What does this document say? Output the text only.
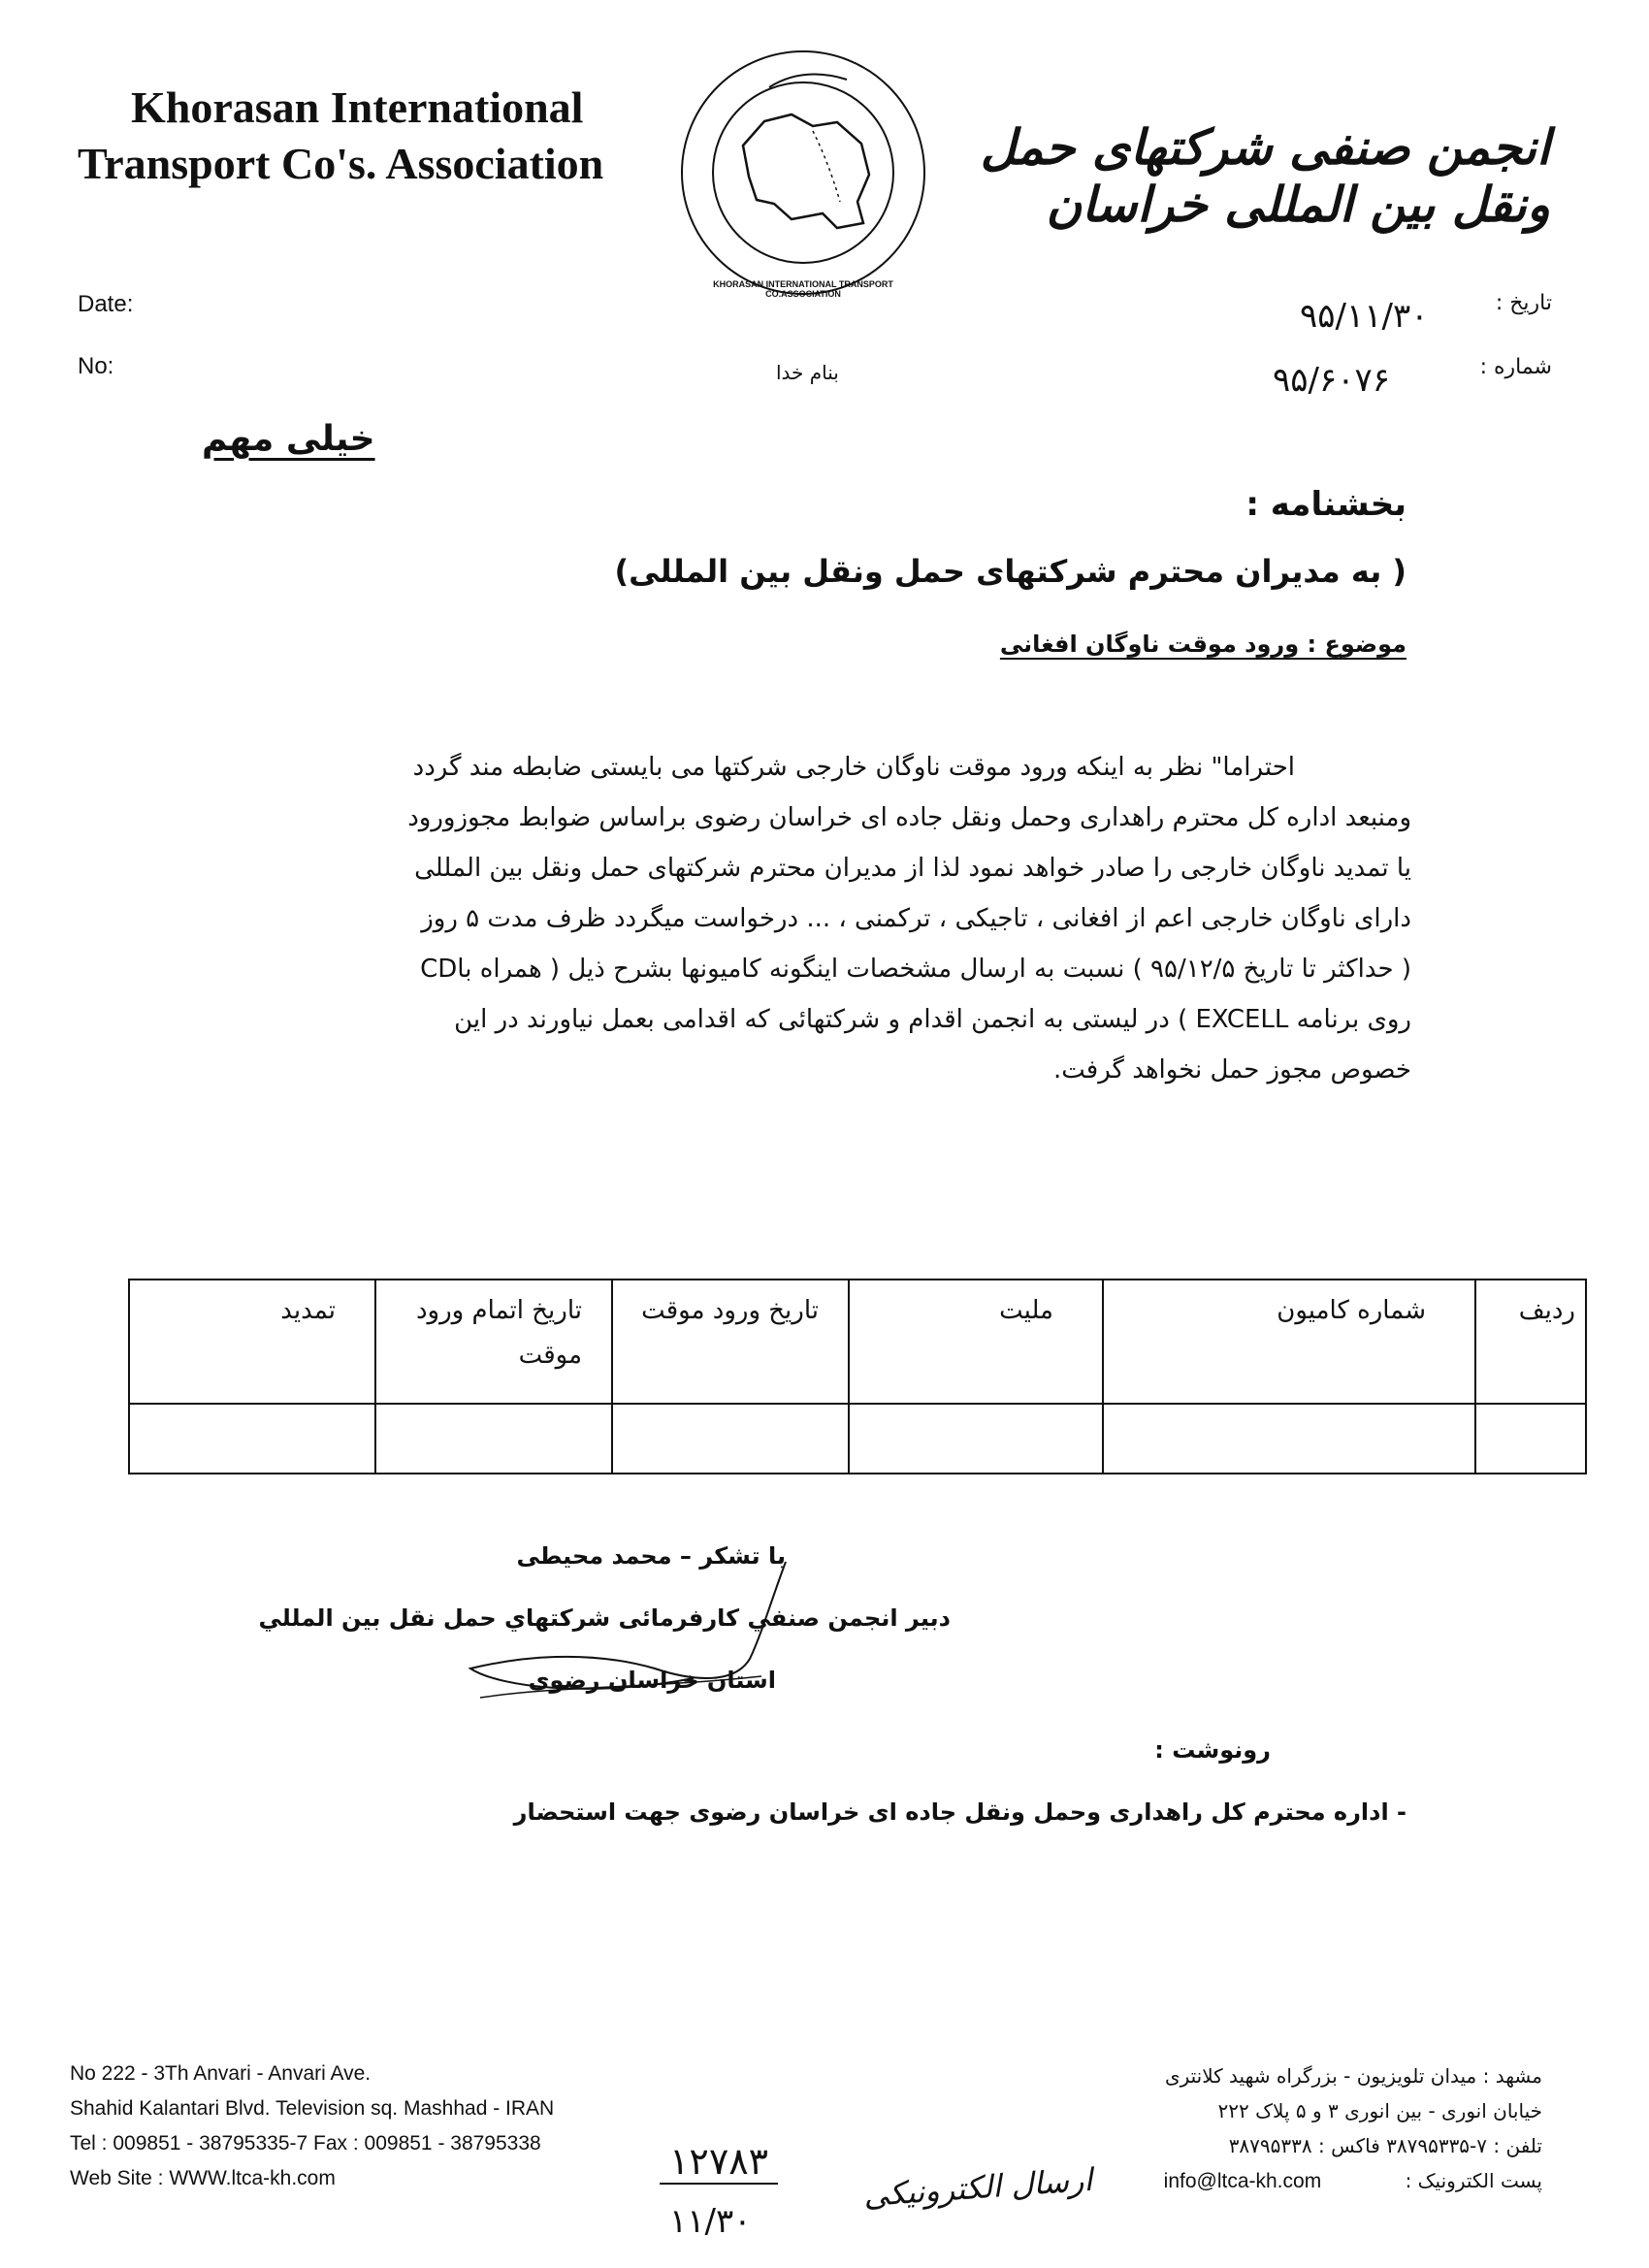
Khorasan International
Transport Co's. Association
KHORASAN INTERNATIONAL TRANSPORT CO.ASSOCIATION
انجمن صنفی شرکتهای حمل ونقل بین المللی خراسان
Date:
No:
تاریخ :
۹۵/۱۱/۳۰
شماره :
۹۵/۶۰۷۶
بنام خدا
خیلی مهم
بخشنامه :
( به مدیران محترم شرکتهای حمل ونقل بین المللی)
موضوع : ورود موقت ناوگان افغانی
احتراما" نظر به اینکه ورود موقت ناوگان خارجی شرکتها می بایستی ضابطه مند گردد
ومنبعد اداره کل محترم راهداری وحمل ونقل جاده ای خراسان رضوی براساس ضوابط مجوزورود
یا تمدید ناوگان خارجی را صادر خواهد نمود لذا از مدیران محترم شرکتهای حمل ونقل بین المللی
دارای ناوگان خارجی اعم از افغانی ، تاجیکی ، ترکمنی ، ... درخواست میگردد ظرف مدت ۵ روز
( حداکثر تا تاریخ ۹۵/۱۲/۵ ) نسبت به ارسال مشخصات اینگونه کامیونها بشرح ذیل ( همراه باCD
روی برنامه EXCELL ) در لیستی به انجمن اقدام و شرکتهائی که اقدامی بعمل نیاورند در این
خصوص مجوز حمل نخواهد گرفت.
ردیف	شماره کامیون	ملیت	تاریخ ورود موقت	تاریخ اتمام ورود موقت	تمدید

با تشکر – محمد محیطی
دبیر انجمن صنفي کارفرمائی شرکتهاي حمل نقل بین المللي
استان خراسان رضوی
رونوشت :
- اداره محترم کل راهداری وحمل ونقل جاده ای خراسان رضوی جهت استحضار
No 222 - 3Th Anvari - Anvari Ave.
Shahid Kalantari Blvd. Television sq. Mashhad - IRAN
Tel : 009851 - 38795335-7 Fax : 009851 - 38795338
Web Site : WWW.ltca-kh.com
مشهد : میدان تلویزیون - بزرگراه شهید کلانتری
خیابان انوری - بین انوری ۳ و ۵ پلاک ۲۲۲
تلفن : ۷-۳۸۷۹۵۳۳۵ فاکس : ۳۸۷۹۵۳۳۸
پست الکترونیک : info@ltca-kh.com
۱۲۷۸۳
۱۱/۳۰
ارسال الکترونیکی
